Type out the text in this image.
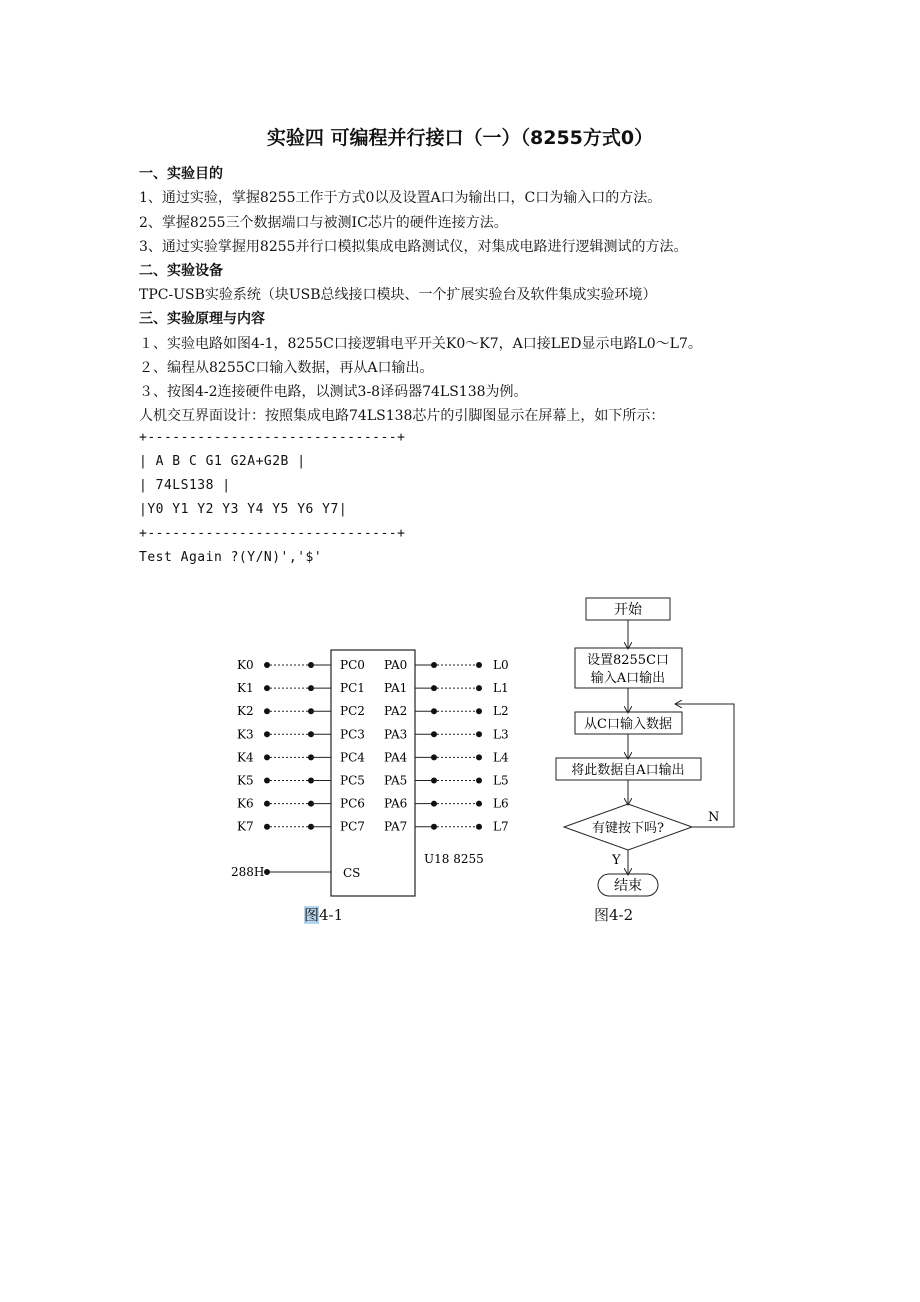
实验四 可编程并行接口（一）（8255方式0）
一、实验目的
1、通过实验，掌握8255工作于方式0以及设置A口为输出口，C口为输入口的方法。
2、掌握8255三个数据端口与被测IC芯片的硬件连接方法。
3、通过实验掌握用8255并行口模拟集成电路测试仪，对集成电路进行逻辑测试的方法。
二、实验设备
TPC-USB实验系统（块USB总线接口模块、一个扩展实验台及软件集成实验环境）
三、实验原理与内容
１、实验电路如图4-1，8255C口接逻辑电平开关K0～K7，A口接LED显示电路L0～L7。
２、编程从8255C口输入数据，再从A口输出。
３、按图4-2连接硬件电路，以测试3-8译码器74LS138为例。
人机交互界面设计：按照集成电路74LS138芯片的引脚图显示在屏幕上，如下所示：
+------------------------------+
| A B C G1 G2A+G2B |
| 74LS138 |
|Y0 Y1 Y2 Y3 Y4 Y5 Y6 Y7|
+------------------------------+
Test Again ?(Y/N)','$'
K0	PC0 PA0	L0
K1	PC1 PA1	L1
K2	PC2 PA2	L2
K3	PC3 PA3	L3
K4	PC4 PA4	L4
K5	PC5 PA5	L5
K6	PC6 PA6	L6
K7	PC7 PA7	L7
288H	CS
U18 8255
开始
设置8255C口
输入A口输出
从C口输入数据
将此数据自A口输出
有键按下吗?
N
Y
结束
图4-1	图4-2
